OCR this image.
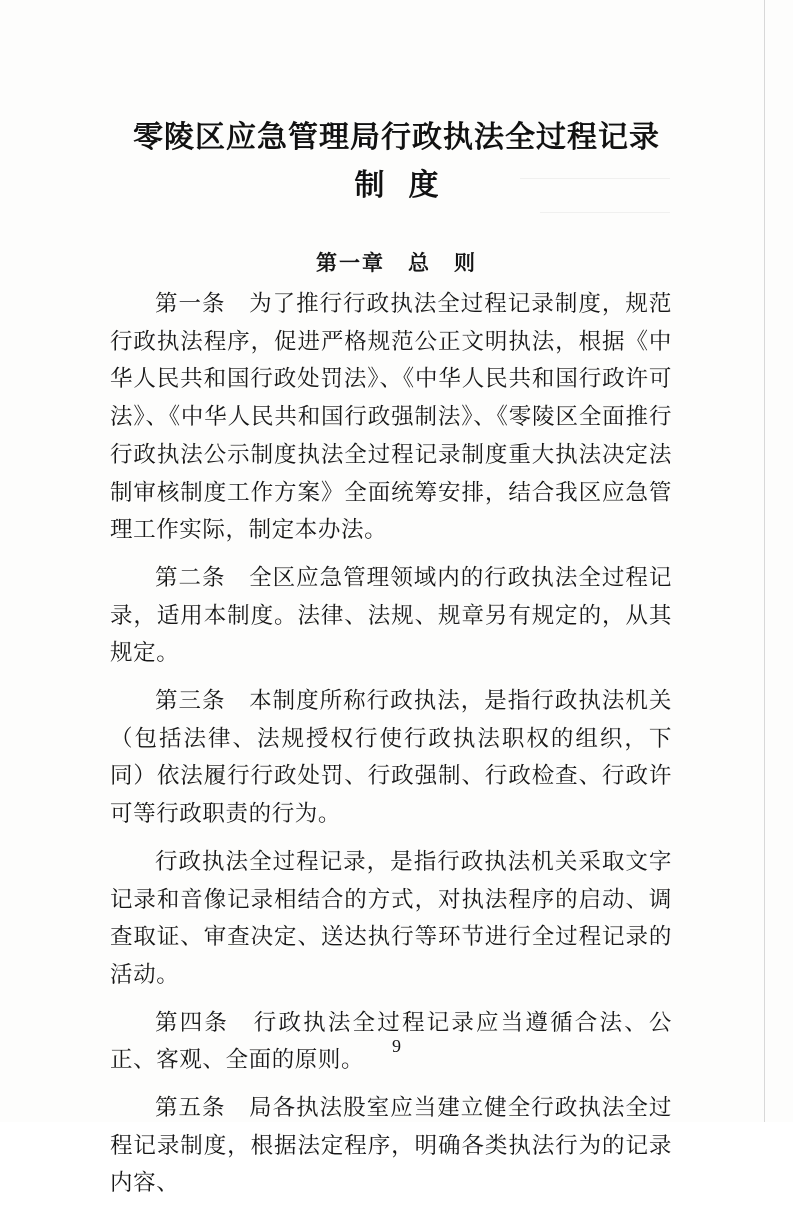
零陵区应急管理局行政执法全过程记录
制度
第一章　总　则

第一条　为了推行行政执法全过程记录制度，规范行政执法程序，促进严格规范公正文明执法，根据《中华人民共和国行政处罚法》、《中华人民共和国行政许可法》、《中华人民共和国行政强制法》、《零陵区全面推行行政执法公示制度执法全过程记录制度重大执法决定法制审核制度工作方案》全面统筹安排，结合我区应急管理工作实际，制定本办法。

第二条　全区应急管理领域内的行政执法全过程记录，适用本制度。法律、法规、规章另有规定的，从其规定。

第三条　本制度所称行政执法，是指行政执法机关（包括法律、法规授权行使行政执法职权的组织，下同）依法履行行政处罚、行政强制、行政检查、行政许可等行政职责的行为。

行政执法全过程记录，是指行政执法机关采取文字记录和音像记录相结合的方式，对执法程序的启动、调查取证、审查决定、送达执行等环节进行全过程记录的活动。

第四条　行政执法全过程记录应当遵循合法、公正、客观、全面的原则。

第五条　局各执法股室应当建立健全行政执法全过程记录制度，根据法定程序，明确各类执法行为的记录内容、

9
